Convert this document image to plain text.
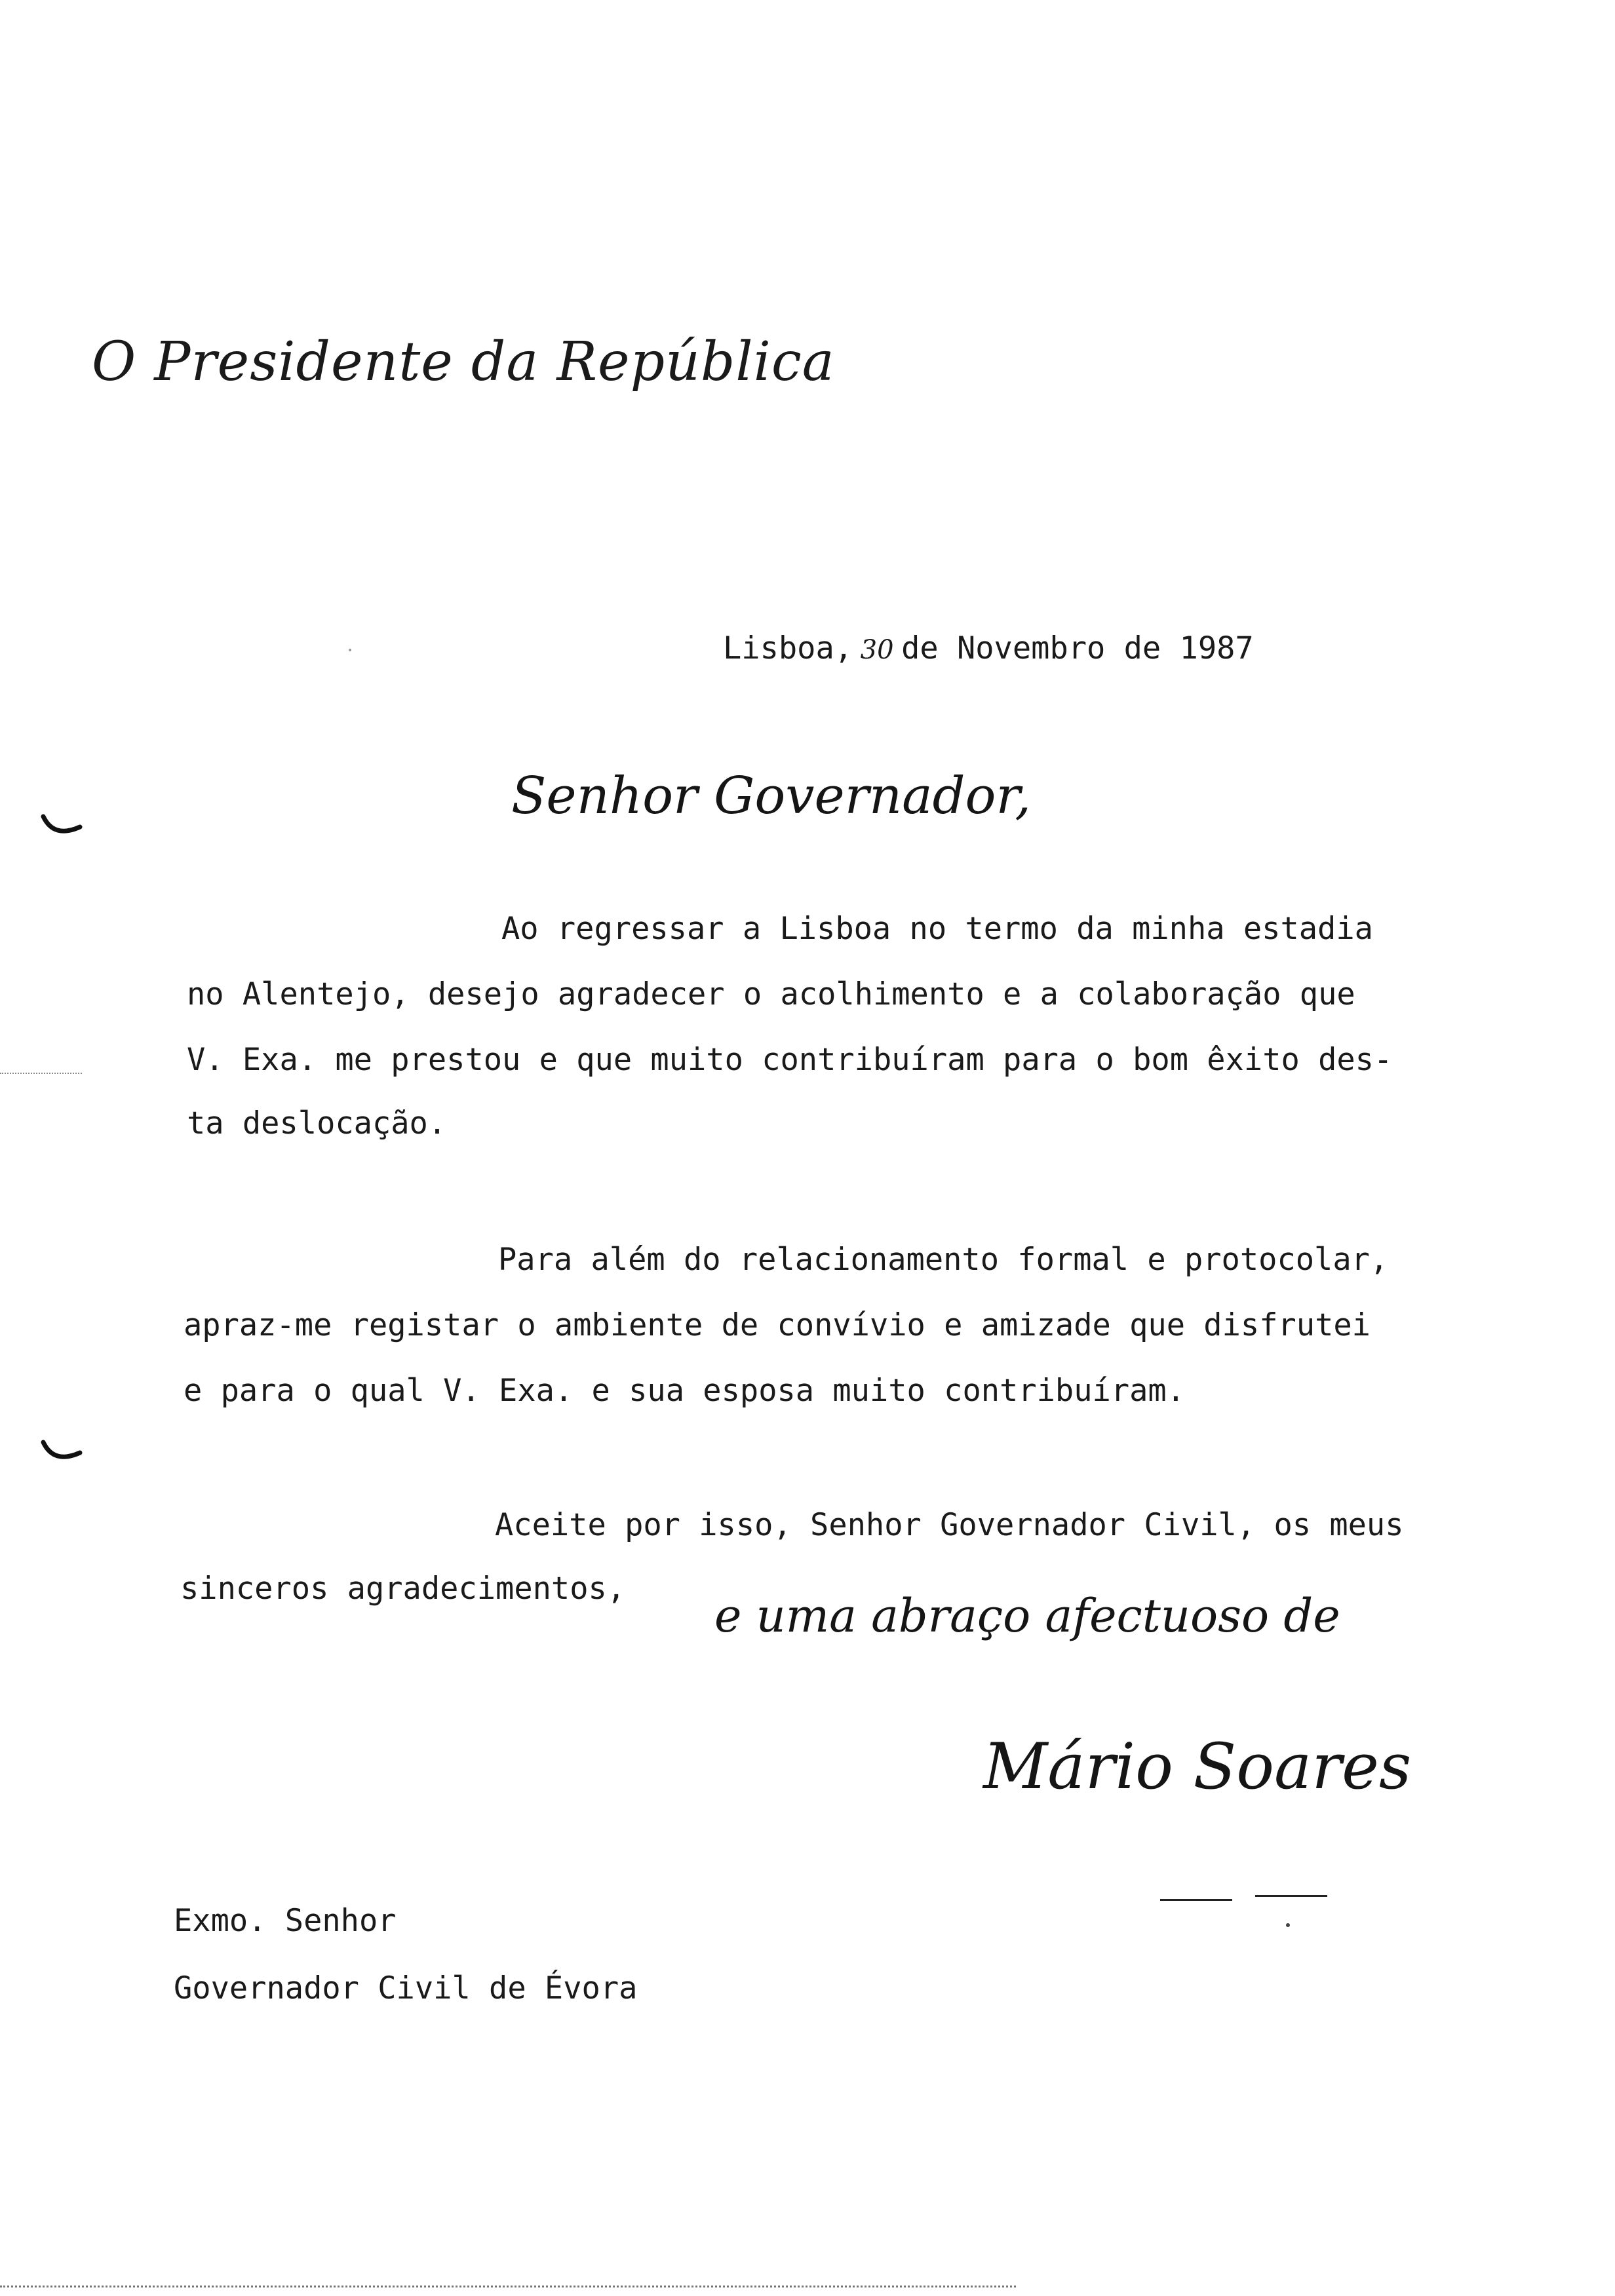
O Presidente da República
Lisboa, 30 de Novembro de 1987
Senhor Governador,
Ao regressar a Lisboa no termo da minha estadia
no Alentejo, desejo agradecer o acolhimento e a colaboração que
V. Exa. me prestou e que muito contribuíram para o bom êxito des-
ta deslocação.
Para além do relacionamento formal e protocolar,
apraz-me registar o ambiente de convívio e amizade que disfrutei
e para o qual V. Exa. e sua esposa muito contribuíram.
Aceite por isso, Senhor Governador Civil, os meus
sinceros agradecimentos,
e uma abraço afectuoso de
Mário Soares
Exmo. Senhor
Governador Civil de Évora
